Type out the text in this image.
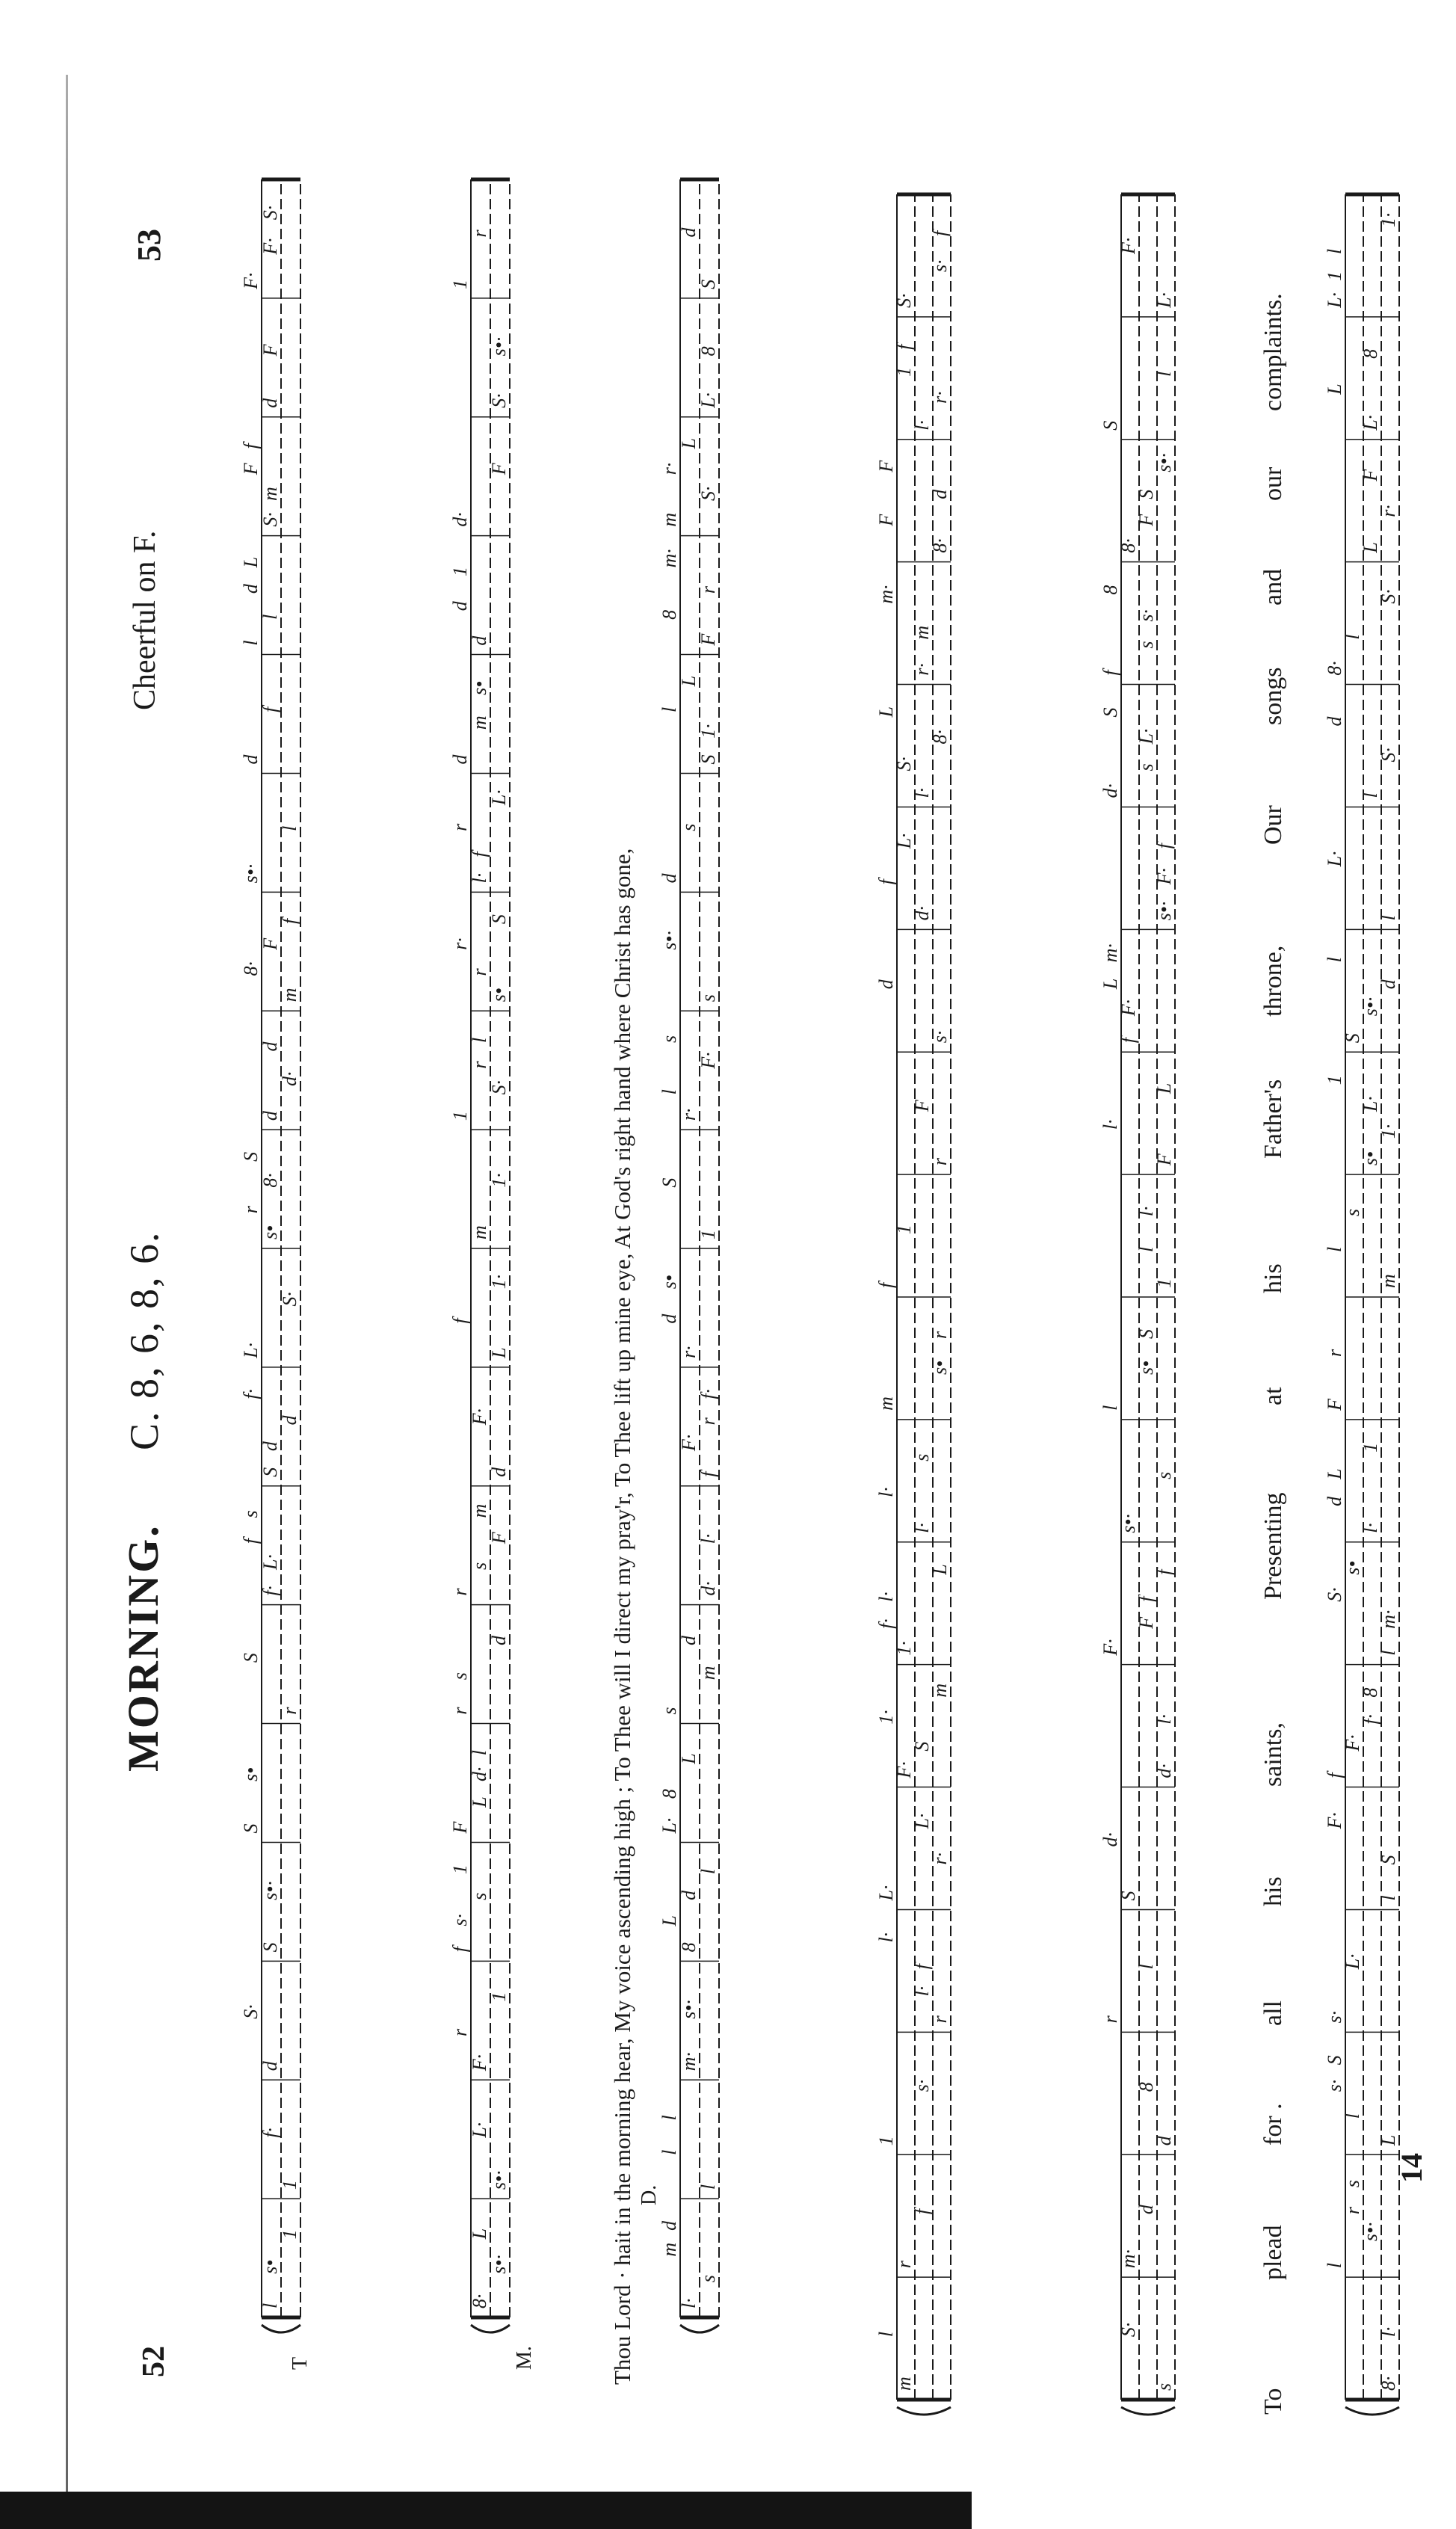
52
MORNING.
C. 8, 6, 8, 6.
Cheerful on F.
53
l
s•
1
1
f·
d
S·
S
s•·
S
s•
r
S
f·
L·
f
s
S
d
d
f·
L·
S·
s•
r
8·
S
d
d·
d
m
8·
F
f
s•·
l
d
f
l
l
d
L
S·
m
F
f
d
F
F·
F·
S·
8·
s•·
L
s•·
L·
F·
r
1
f
s·
s
1
F
L
d·
l
r
s
d
r
s
F
m
d
F·
L
f
1·
m
1·
1
S·
r
l
s•
r
r·
S
l·
f
r
L·
d
m
s•
d
d
1
d·
F
S·
s•·
1
r
l·
s
m
d
l
l
l
m·
s•·
8
L
d
l
L·
8
L
s
m
d
d·
l·
f
F·
r
f·
r·
d
s•
1
S
r·
l
F·
s
s
s•·
d
s
S
1·
l
L
F
8
r
m·
m
S·
r·
L
L·
8
S
d
m
l
r
f
1
s·
r
l·
f
l·
L·
r·
L·
F·
S
1·
m
1·
f·
l·
L
l·
l·
s
m
s•
r
f
1
r
F
s·
d
d·
f
L·
l·
S·
8·
L
r·
m
m·
8·
F
d
F
l·
r·
1
f
S·
s·
f
s
S·
m·
d
d
8
r
l
S
d·
d·
l·
F·
F
f
f
s•·
s
l
s•
S
1
l
l·
F
l·
L
f
F·
L
m·
s•·
F·
f
d·
s
L·
S
f
s
s·
8
8·
F
S
s•·
S
l
L·
F·
8·
l·
l
s•·
r
s
L
l
s·
S
s·
L·
l
S
F·
f
F·
f·
8
l
m·
S·
s•
l·
d
L
1
F
r
m
l
s
s•
1·
L·
1
S
s•·
d
l
l
L·
l
S·
d
8·
l
S·
L
r·
F
L·
L
8
L·
1
l
1·
T	M.	Thou Lord · hait in the morning hear, My voice ascending high ; To Thee will I direct my pray'r, To Thee lift up mine eye, At God's right hand where Christ has gone, D.
To
plead
for .
all
his
saints,
Presenting
at
his
Father's
throne,
Our
songs
and
our
complaints.
14
